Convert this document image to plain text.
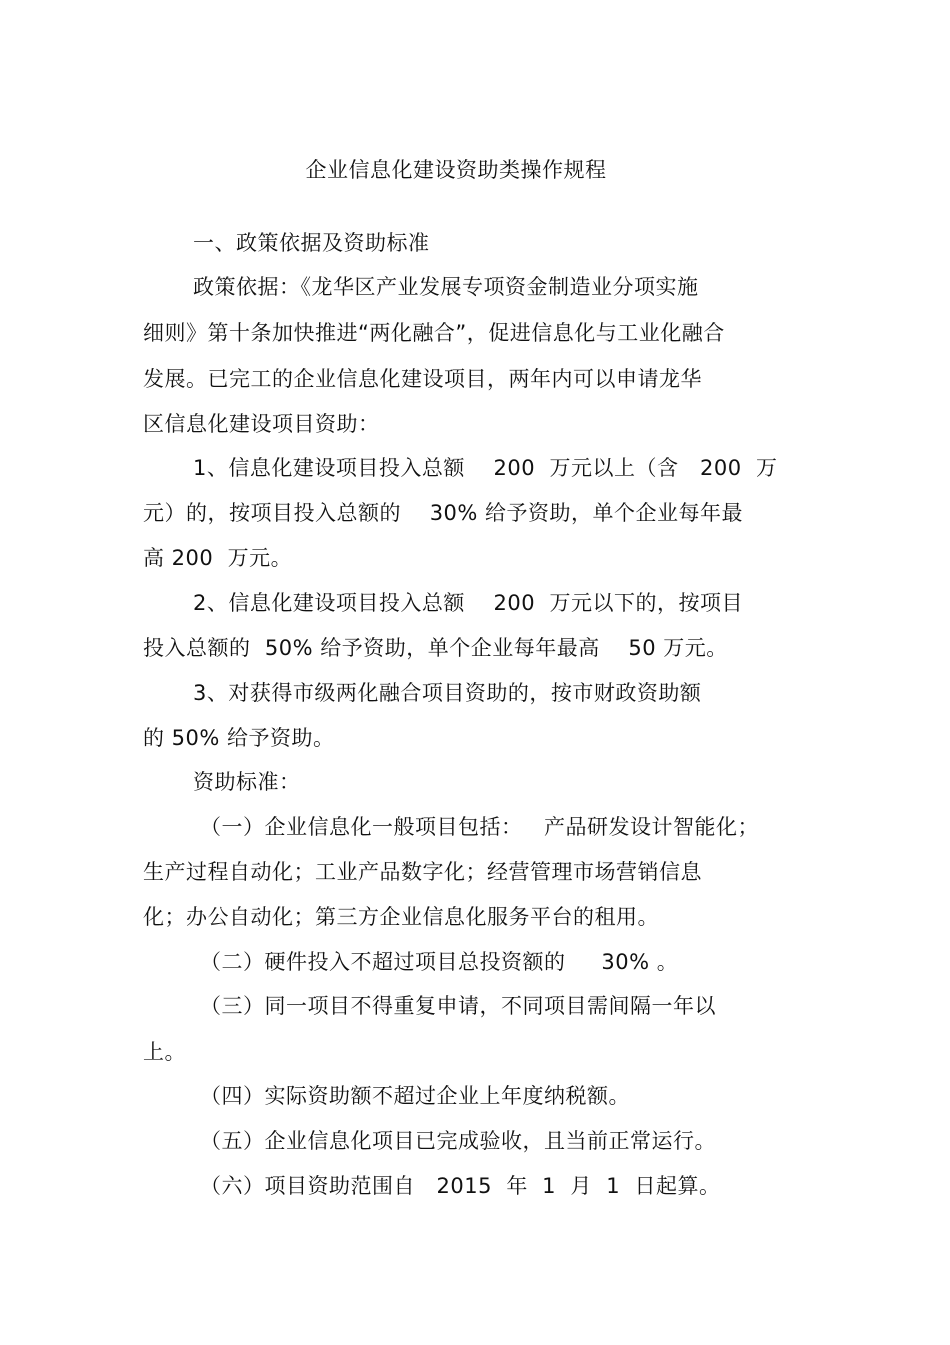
企业信息化建设资助类操作规程
一、政策依据及资助标准
政策依据：《龙华区产业发展专项资金制造业分项实施
细则》第十条加快推进“两化融合”，促进信息化与工业化融合
发展。已完工的企业信息化建设项目，两年内可以申请龙华
区信息化建设项目资助：
1、信息化建设项目投入总额    200  万元以上（含   200  万
元）的，按项目投入总额的    30% 给予资助，单个企业每年最
高 200  万元。
2、信息化建设项目投入总额    200  万元以下的，按项目
投入总额的  50% 给予资助，单个企业每年最高    50 万元。
3、对获得市级两化融合项目资助的，按市财政资助额
的 50% 给予资助。
资助标准：
（一）企业信息化一般项目包括：   产品研发设计智能化；
生产过程自动化；工业产品数字化；经营管理市场营销信息
化；办公自动化；第三方企业信息化服务平台的租用。
（二）硬件投入不超过项目总投资额的     30% 。
（三）同一项目不得重复申请，不同项目需间隔一年以
上。
（四）实际资助额不超过企业上年度纳税额。
（五）企业信息化项目已完成验收，且当前正常运行。
（六）项目资助范围自   2015  年  1  月  1  日起算。
